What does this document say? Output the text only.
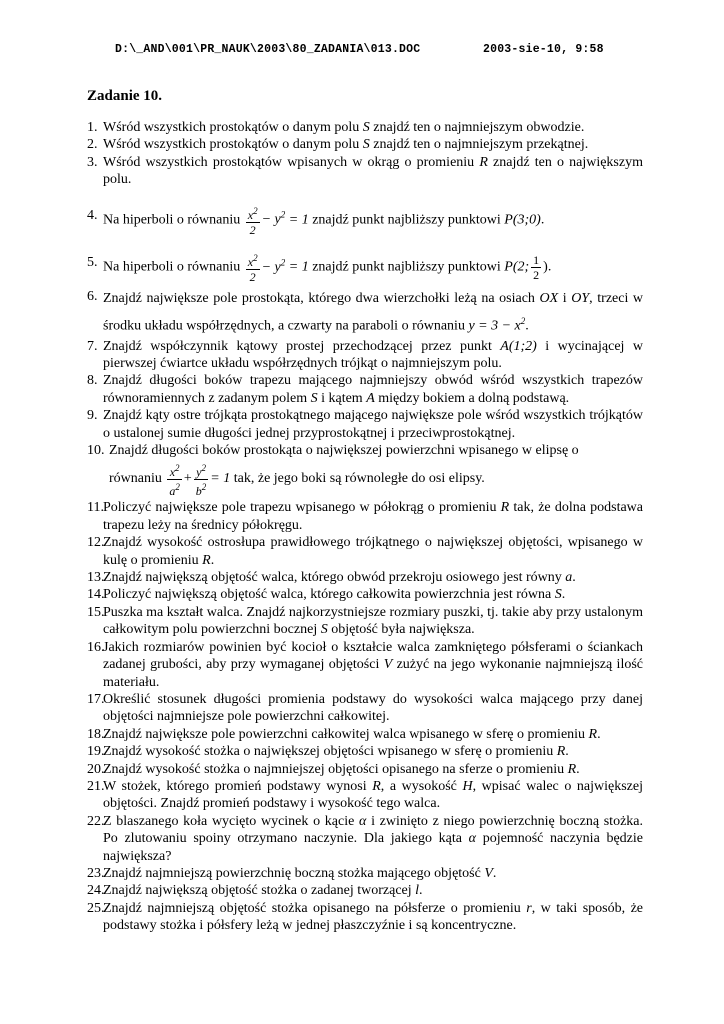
D:\_AND\001\PR_NAUK\2003\80_ZADANIA\013.DOC	2003-sie-10, 9:58
Zadanie 10.
1. Wśród wszystkich prostokątów o danym polu S znajdź ten o najmniejszym obwodzie.
2. Wśród wszystkich prostokątów o danym polu S znajdź ten o najmniejszym przekątnej.
3. Wśród wszystkich prostokątów wpisanych w okrąg o promieniu R znajdź ten o największym polu.
4. Na hiperboli o równaniu $\frac{x^2}{2} - y^2 = 1$ znajdź punkt najbliższy punktowi P(3;0).
5. Na hiperboli o równaniu $\frac{x^2}{2} - y^2 = 1$ znajdź punkt najbliższy punktowi P(2; $\frac{1}{2}$ ).
6. Znajdź największe pole prostokąta, którego dwa wierzchołki leżą na osiach OX i OY, trzeci w środku układu współrzędnych, a czwarty na paraboli o równaniu $y = 3 - x^2$.
7. Znajdź współczynnik kątowy prostej przechodzącej przez punkt A(1;2) i wycinającej w pierwszej ćwiartce układu współrzędnych trójkąt o najmniejszym polu.
8. Znajdź długości boków trapezu mającego najmniejszy obwód wśród wszystkich trapezów równoramiennych z zadanym polem S i kątem A między bokiem a dolną podstawą.
9. Znajdź kąty ostre trójkąta prostokątnego mającego największe pole wśród wszystkich trójkątów o ustalonej sumie długości jednej przyprostokątnej i przeciwprostokątnej.
10. Znajdź długości boków prostokąta o największej powierzchni wpisanego w elipsę o
równaniu $\frac{x^2}{a^2} + \frac{y^2}{b^2} = 1$ tak, że jego boki są równoległe do osi elipsy.
11. Policzyć największe pole trapezu wpisanego w półokrąg o promieniu R tak, że dolna podstawa trapezu leży na średnicy półokręgu.
12.
Znajdź wysokość ostrosłupa prawidłowego trójkątnego o największej objętości, wpisanego w kulę o promieniu R.
13.
Znajdź największą objętość walca, którego obwód przekroju osiowego jest równy a.
14.
Policzyć największą objętość walca, którego całkowita powierzchnia jest równa S.
15.
Puszka ma kształt walca. Znajdź najkorzystniejsze rozmiary puszki, tj. takie aby przy ustalonym całkowitym polu powierzchni bocznej S objętość była największa.
16.
Jakich rozmiarów powinien być kocioł o kształcie walca zamkniętego półsferami o ściankach zadanej grubości, aby przy wymaganej objętości V zużyć na jego wykonanie najmniejszą ilość materiału.
17.
Określić stosunek długości promienia podstawy do wysokości walca mającego przy danej objętości najmniejsze pole powierzchni całkowitej.
18.
Znajdź największe pole powierzchni całkowitej walca wpisanego w sferę o promieniu R.
19.
Znajdź wysokość stożka o największej objętości wpisanego w sferę o promieniu R.
20.
Znajdź wysokość stożka o najmniejszej objętości opisanego na sferze o promieniu R.
21.
W stożek, którego promień podstawy wynosi R, a wysokość H, wpisać walec o największej objętości. Znajdź promień podstawy i wysokość tego walca.
22.
Z blaszanego koła wycięto wycinek o kącie α i zwinięto z niego powierzchnię boczną stożka. Po zlutowaniu spoiny otrzymano naczynie. Dla jakiego kąta α pojemność naczynia będzie największa?
23.
Znajdź najmniejszą powierzchnię boczną stożka mającego objętość V.
24.
Znajdź największą objętość stożka o zadanej tworzącej l.
25.
Znajdź najmniejszą objętość stożka opisanego na półsferze o promieniu r, w taki sposób, że podstawy stożka i półsfery leżą w jednej płaszczyźnie i są koncentryczne.
